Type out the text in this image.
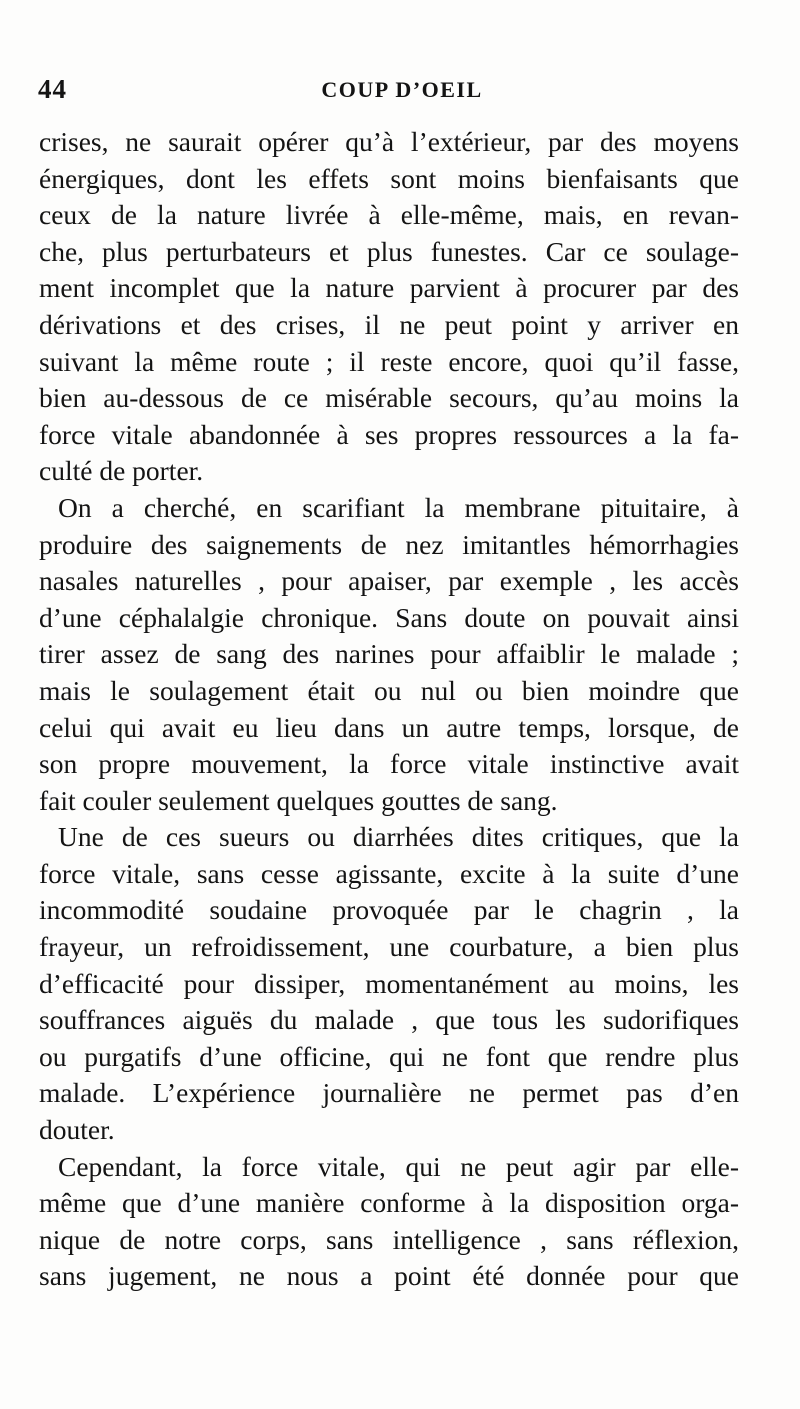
44	COUP D’OEIL
crises, ne saurait opérer qu’à l’extérieur, par des moyens
énergiques, dont les effets sont moins bienfaisants que
ceux de la nature livrée à elle-même, mais, en revan-
che, plus perturbateurs et plus funestes. Car ce soulage-
ment incomplet que la nature parvient à procurer par des
dérivations et des crises, il ne peut point y arriver en
suivant la même route ; il reste encore, quoi qu’il fasse,
bien au-dessous de ce misérable secours, qu’au moins la
force vitale abandonnée à ses propres ressources a la fa-
culté de porter.
On a cherché, en scarifiant la membrane pituitaire, à
produire des saignements de nez imitantles hémorrhagies
nasales naturelles , pour apaiser, par exemple , les accès
d’une céphalalgie chronique. Sans doute on pouvait ainsi
tirer assez de sang des narines pour affaiblir le malade ;
mais le soulagement était ou nul ou bien moindre que
celui qui avait eu lieu dans un autre temps, lorsque, de
son propre mouvement, la force vitale instinctive avait
fait couler seulement quelques gouttes de sang.
Une de ces sueurs ou diarrhées dites critiques, que la
force vitale, sans cesse agissante, excite à la suite d’une
incommodité soudaine provoquée par le chagrin , la
frayeur, un refroidissement, une courbature, a bien plus
d’efficacité pour dissiper, momentanément au moins, les
souffrances aiguës du malade , que tous les sudorifiques
ou purgatifs d’une officine, qui ne font que rendre plus
malade. L’expérience journalière ne permet pas d’en
douter.
Cependant, la force vitale, qui ne peut agir par elle-
même que d’une manière conforme à la disposition orga-
nique de notre corps, sans intelligence , sans réflexion,
sans jugement, ne nous a point été donnée pour que
